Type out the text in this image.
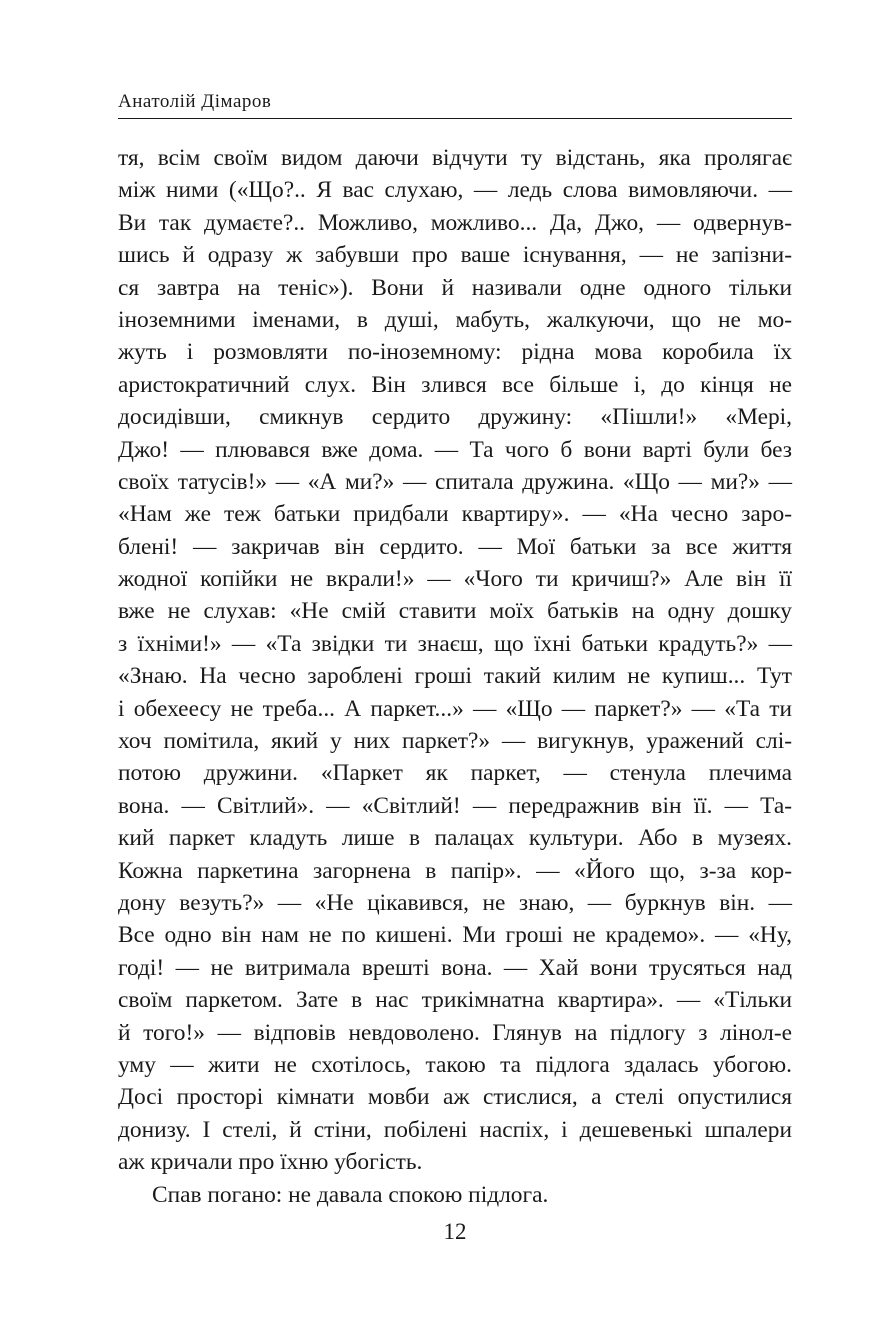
Анатолій Дімаров
тя, всім своїм видом даючи відчути ту відстань, яка пролягає
між ними («Що?.. Я вас слухаю, — ледь слова вимовляючи. —
Ви так думаєте?.. Можливо, можливо... Да, Джо, — одвернув-
шись й одразу ж забувши про ваше існування, — не запізни-
ся завтра на теніс»). Вони й називали одне одного тільки
іноземними іменами, в душі, мабуть, жалкуючи, що не мо-
жуть і розмовляти по-іноземному: рідна мова коробила їх
аристократичний слух. Він злився все більше і, до кінця не
досидівши, смикнув сердито дружину: «Пішли!» «Мері,
Джо! — плювався вже дома. — Та чого б вони варті були без
своїх татусів!» — «А ми?» — спитала дружина. «Що — ми?» —
«Нам же теж батьки придбали квартиру». — «На чесно заро-
блені! — закричав він сердито. — Мої батьки за все життя
жодної копійки не вкрали!» — «Чого ти кричиш?» Але він її
вже не слухав: «Не смій ставити моїх батьків на одну дошку
з їхніми!» — «Та звідки ти знаєш, що їхні батьки крадуть?» —
«Знаю. На чесно зароблені гроші такий килим не купиш... Тут
і обехеесу не треба... А паркет...» — «Що — паркет?» — «Та ти
хоч помітила, який у них паркет?» — вигукнув, уражений слі-
потою дружини. «Паркет як паркет, — стенула плечима
вона. — Світлий». — «Світлий! — передражнив він її. — Та-
кий паркет кладуть лише в палацах культури. Або в музеях.
Кожна паркетина загорнена в папір». — «Його що, з-за кор-
дону везуть?» — «Не цікавився, не знаю, — буркнув він. —
Все одно він нам не по кишені. Ми гроші не крадемо». — «Ну,
годі! — не витримала врешті вона. — Хай вони трусяться над
своїм паркетом. Зате в нас трикімнатна квартира». — «Тільки
й того!» — відповів невдоволено. Глянув на підлогу з лінол-е
уму — жити не схотілось, такою та підлога здалась убогою.
Досі просторі кімнати мовби аж стислися, а стелі опустилися
донизу. І стелі, й стіни, побілені наспіх, і дешевенькі шпалери
аж кричали про їхню убогість.
Спав погано: не давала спокою підлога.
12
